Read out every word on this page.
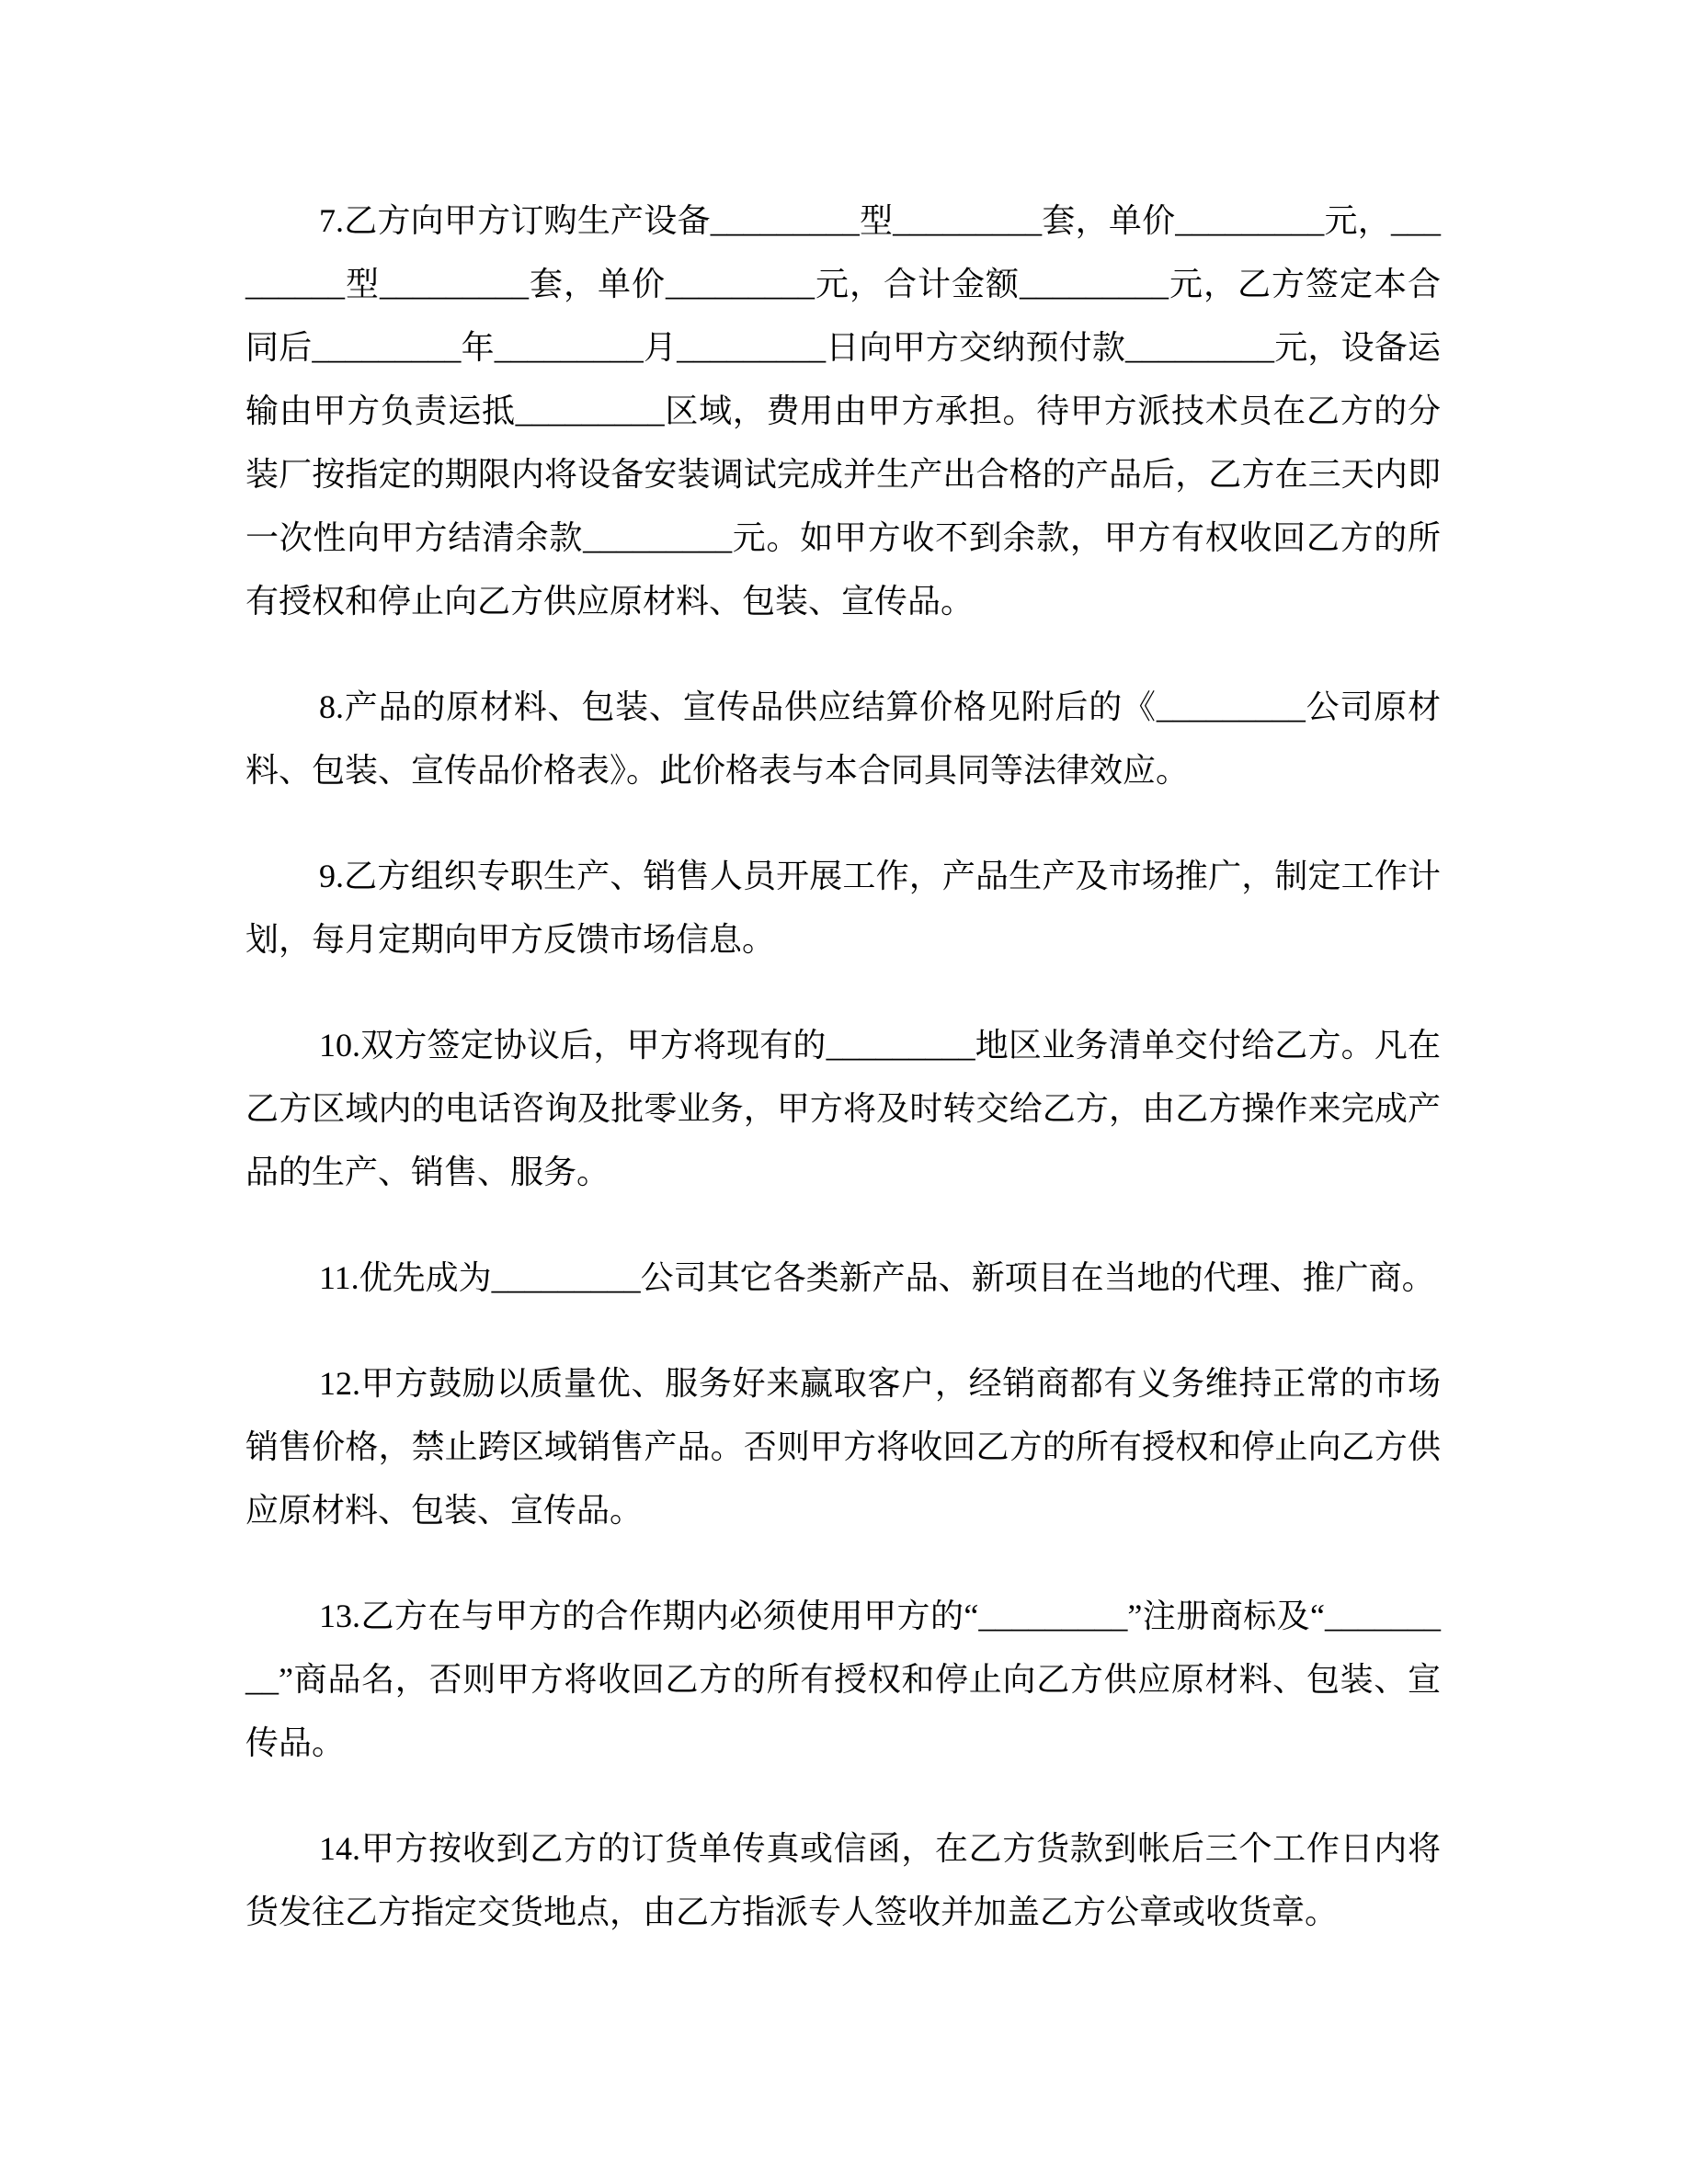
7.乙方向甲方订购生产设备_________型_________套，单价_________元，_________型_________套，单价_________元，合计金额_________元，乙方签定本合同后_________年_________月_________日向甲方交纳预付款_________元，设备运输由甲方负责运抵_________区域，费用由甲方承担。待甲方派技术员在乙方的分装厂按指定的期限内将设备安装调试完成并生产出合格的产品后，乙方在三天内即一次性向甲方结清余款_________元。如甲方收不到余款，甲方有权收回乙方的所有授权和停止向乙方供应原材料、包装、宣传品。

8.产品的原材料、包装、宣传品供应结算价格见附后的《_________公司原材料、包装、宣传品价格表》。此价格表与本合同具同等法律效应。

9.乙方组织专职生产、销售人员开展工作，产品生产及市场推广，制定工作计划，每月定期向甲方反馈市场信息。

10.双方签定协议后，甲方将现有的_________地区业务清单交付给乙方。凡在乙方区域内的电话咨询及批零业务，甲方将及时转交给乙方，由乙方操作来完成产品的生产、销售、服务。

11.优先成为_________公司其它各类新产品、新项目在当地的代理、推广商。

12.甲方鼓励以质量优、服务好来赢取客户，经销商都有义务维持正常的市场销售价格，禁止跨区域销售产品。否则甲方将收回乙方的所有授权和停止向乙方供应原材料、包装、宣传品。

13.乙方在与甲方的合作期内必须使用甲方的“_________”注册商标及“_________”商品名，否则甲方将收回乙方的所有授权和停止向乙方供应原材料、包装、宣传品。

14.甲方按收到乙方的订货单传真或信函，在乙方货款到帐后三个工作日内将货发往乙方指定交货地点，由乙方指派专人签收并加盖乙方公章或收货章。
